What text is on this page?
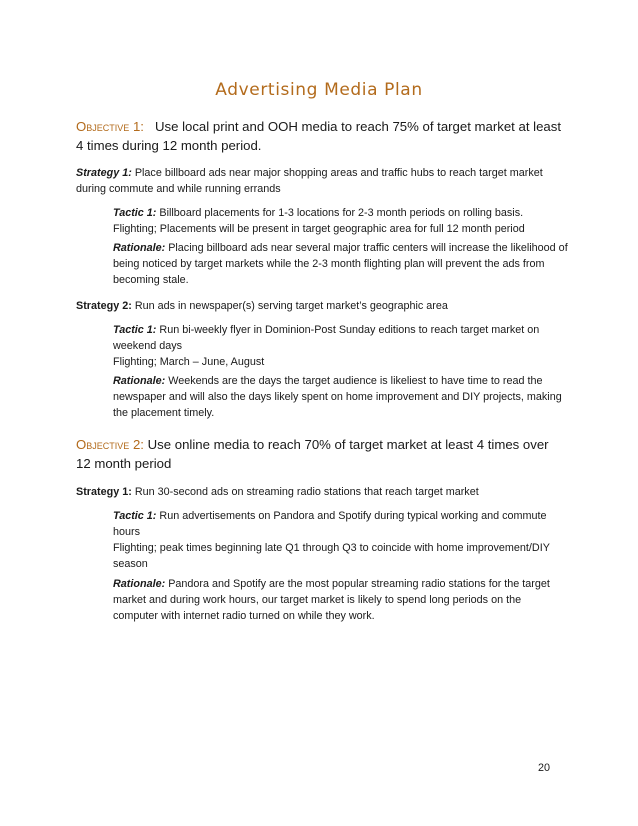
Advertising Media Plan
Objective 1: Use local print and OOH media to reach 75% of target market at least 4 times during 12 month period.
Strategy 1: Place billboard ads near major shopping areas and traffic hubs to reach target market during commute and while running errands
Tactic 1: Billboard placements for 1-3 locations for 2-3 month periods on rolling basis.
Flighting; Placements will be present in target geographic area for full 12 month period
Rationale: Placing billboard ads near several major traffic centers will increase the likelihood of being noticed by target markets while the 2-3 month flighting plan will prevent the ads from becoming stale.
Strategy 2: Run ads in newspaper(s) serving target market’s geographic area
Tactic 1: Run bi-weekly flyer in Dominion-Post Sunday editions to reach target market on weekend days
Flighting; March – June, August
Rationale: Weekends are the days the target audience is likeliest to have time to read the newspaper and will also the days likely spent on home improvement and DIY projects, making the placement timely.
Objective 2: Use online media to reach 70% of target market at least 4 times over 12 month period
Strategy 1: Run 30-second ads on streaming radio stations that reach target market
Tactic 1: Run advertisements on Pandora and Spotify during typical working and commute hours
Flighting; peak times beginning late Q1 through Q3 to coincide with home improvement/DIY season
Rationale: Pandora and Spotify are the most popular streaming radio stations for the target market and during work hours, our target market is likely to spend long periods on the computer with internet radio turned on while they work.
20
